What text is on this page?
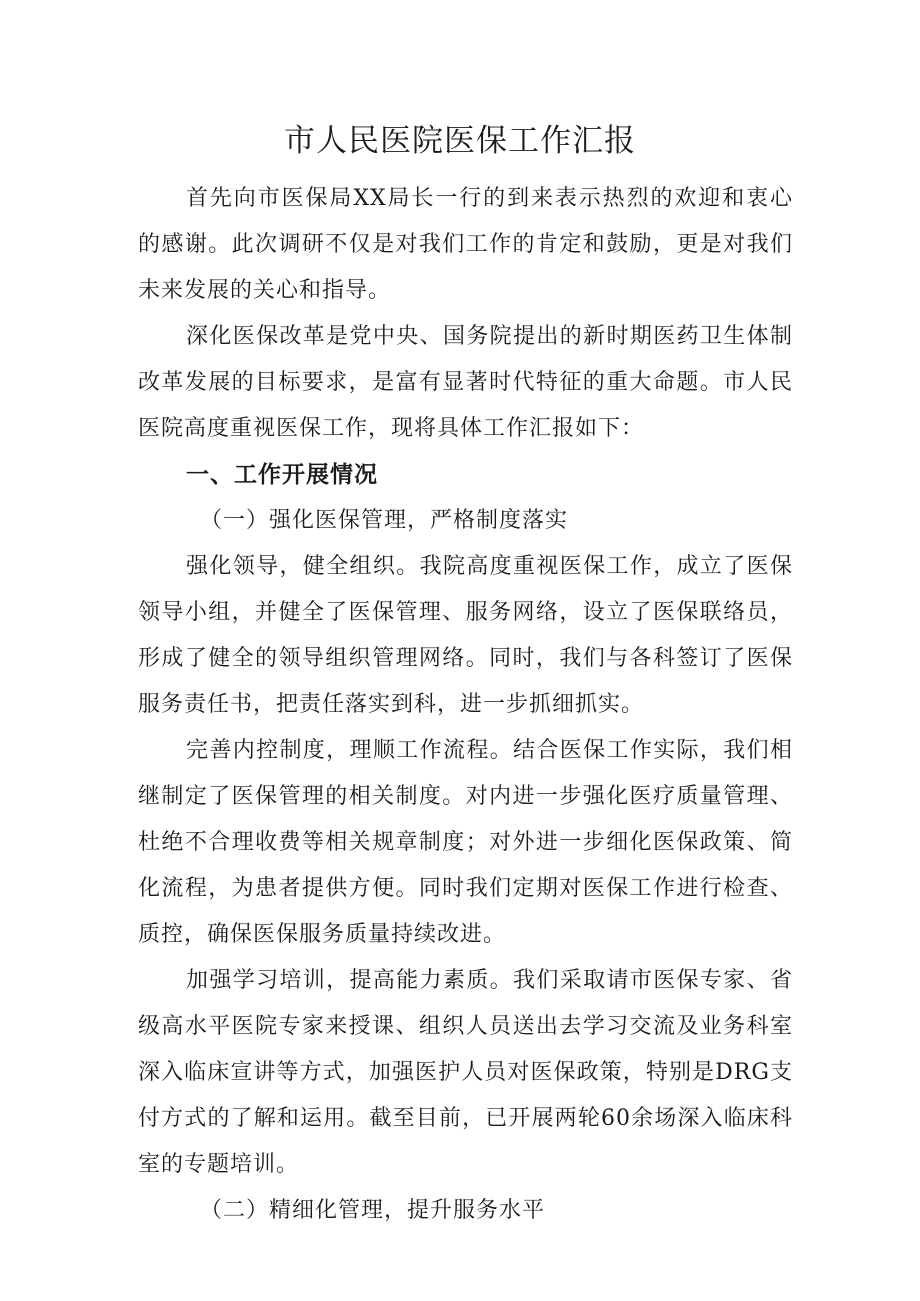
市人民医院医保工作汇报

首先向市医保局XX局长一行的到来表示热烈的欢迎和衷心的感谢。此次调研不仅是对我们工作的肯定和鼓励，更是对我们未来发展的关心和指导。

深化医保改革是党中央、国务院提出的新时期医药卫生体制改革发展的目标要求，是富有显著时代特征的重大命题。市人民医院高度重视医保工作，现将具体工作汇报如下：

一、工作开展情况

（一）强化医保管理，严格制度落实

强化领导，健全组织。我院高度重视医保工作，成立了医保领导小组，并健全了医保管理、服务网络，设立了医保联络员，形成了健全的领导组织管理网络。同时，我们与各科签订了医保服务责任书，把责任落实到科，进一步抓细抓实。

完善内控制度，理顺工作流程。结合医保工作实际，我们相继制定了医保管理的相关制度。对内进一步强化医疗质量管理、杜绝不合理收费等相关规章制度；对外进一步细化医保政策、简化流程，为患者提供方便。同时我们定期对医保工作进行检查、质控，确保医保服务质量持续改进。

加强学习培训，提高能力素质。我们采取请市医保专家、省级高水平医院专家来授课、组织人员送出去学习交流及业务科室深入临床宣讲等方式，加强医护人员对医保政策，特别是DRG支付方式的了解和运用。截至目前，已开展两轮60余场深入临床科室的专题培训。

（二）精细化管理，提升服务水平
